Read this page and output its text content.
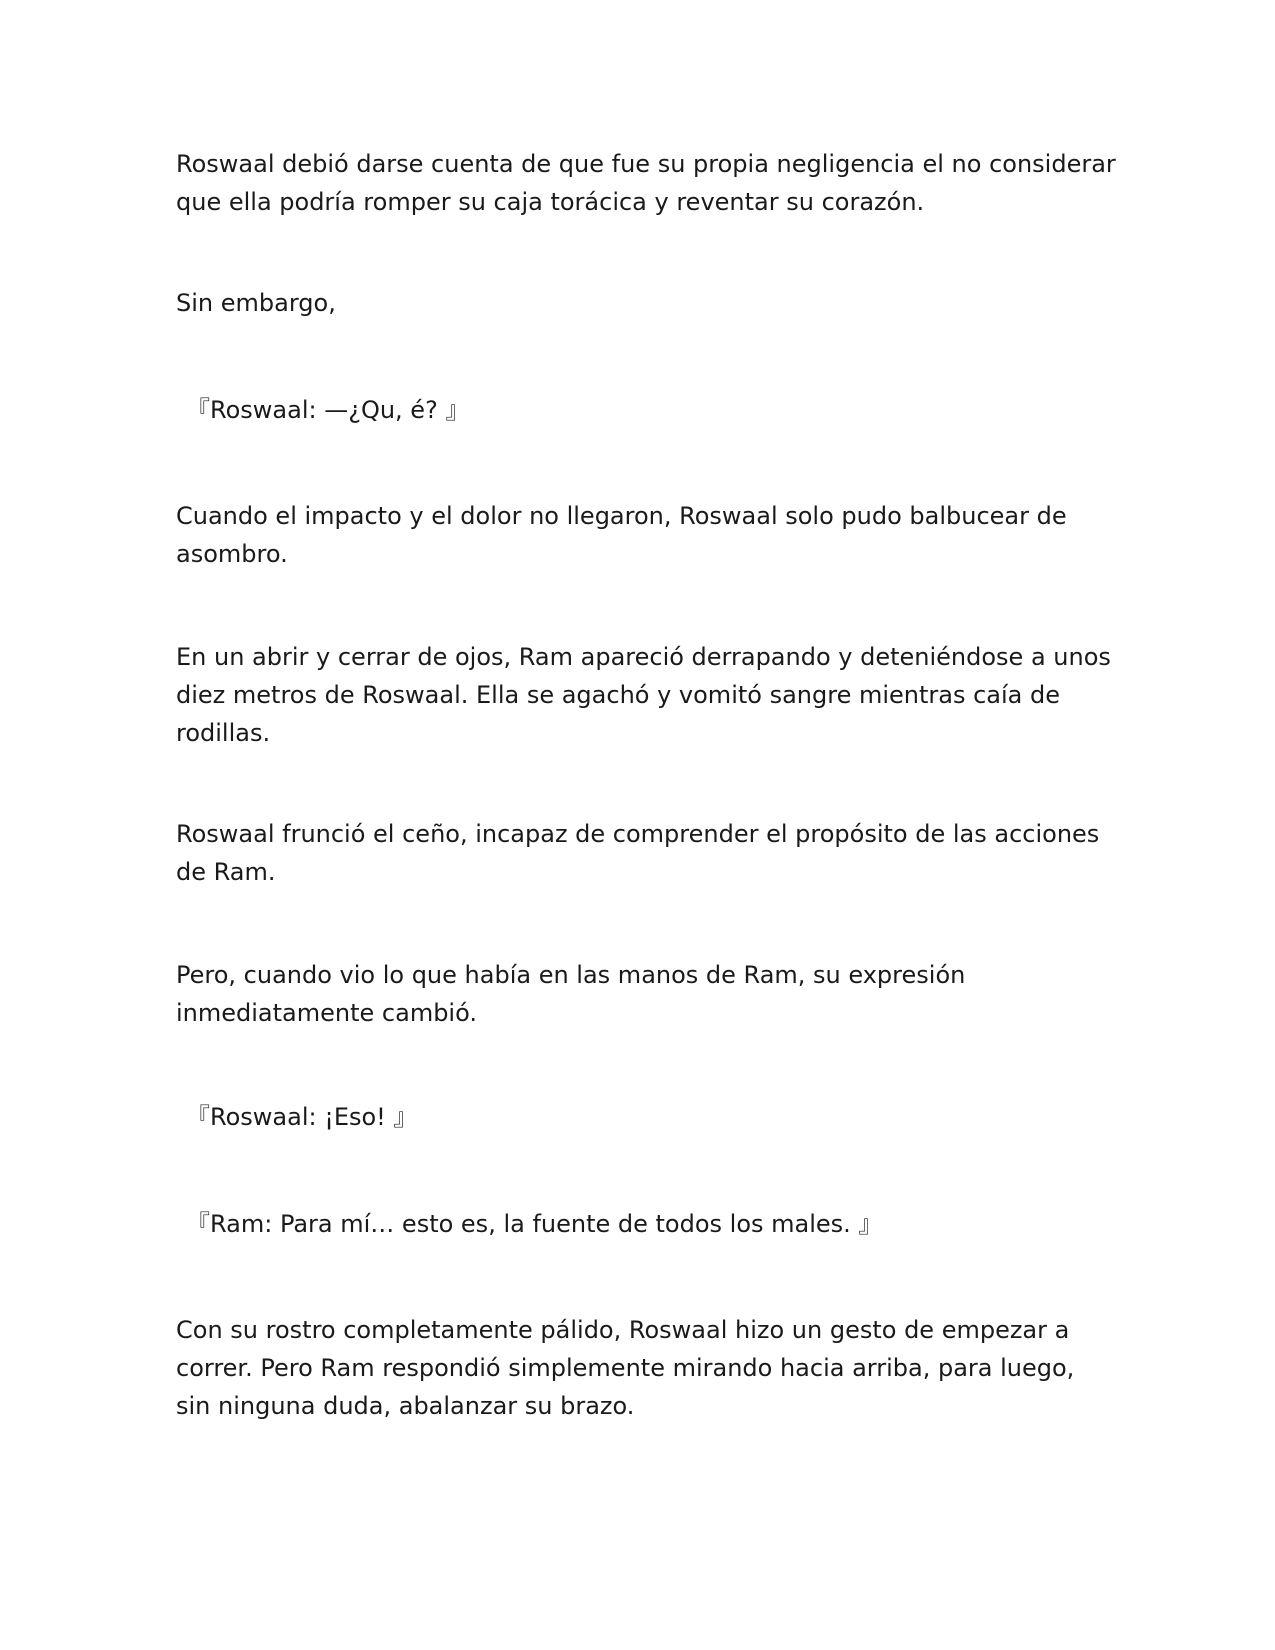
Roswaal debió darse cuenta de que fue su propia negligencia el no considerar
que ella podría romper su caja torácica y reventar su corazón.

Sin embargo,

『Roswaal: —¿Qu, é? 』

Cuando el impacto y el dolor no llegaron, Roswaal solo pudo balbucear de
asombro.

En un abrir y cerrar de ojos, Ram apareció derrapando y deteniéndose a unos
diez metros de Roswaal. Ella se agachó y vomitó sangre mientras caía de
rodillas.

Roswaal frunció el ceño, incapaz de comprender el propósito de las acciones
de Ram.

Pero, cuando vio lo que había en las manos de Ram, su expresión
inmediatamente cambió.

『Roswaal: ¡Eso! 』

『Ram: Para mí… esto es, la fuente de todos los males. 』

Con su rostro completamente pálido, Roswaal hizo un gesto de empezar a
correr. Pero Ram respondió simplemente mirando hacia arriba, para luego,
sin ninguna duda, abalanzar su brazo.
